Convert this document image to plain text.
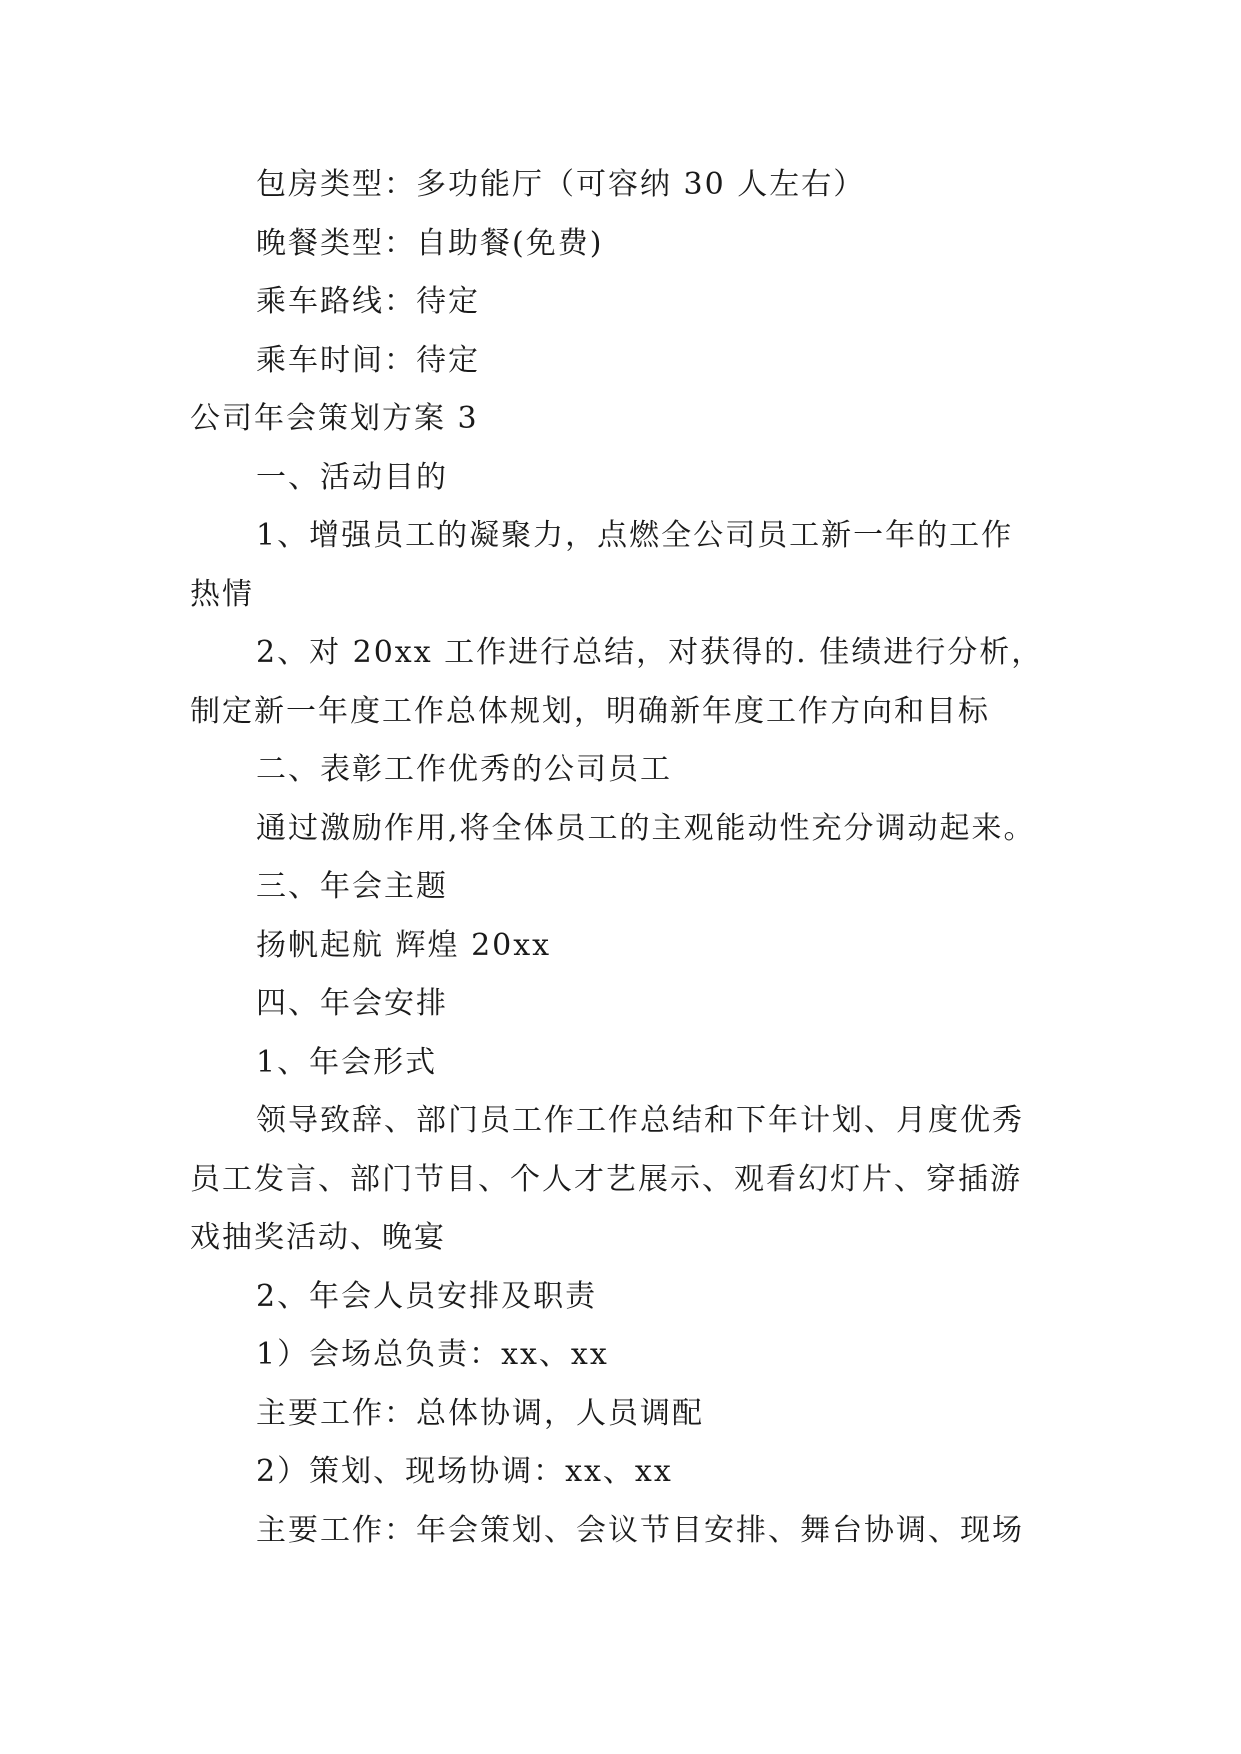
包房类型：多功能厅（可容纳 30 人左右）
晚餐类型：自助餐(免费)
乘车路线：待定
乘车时间：待定
公司年会策划方案 3
一、活动目的
1、增强员工的凝聚力，点燃全公司员工新一年的工作
热情
2、对 20xx 工作进行总结，对获得的. 佳绩进行分析，
制定新一年度工作总体规划，明确新年度工作方向和目标
二、表彰工作优秀的公司员工
通过激励作用,将全体员工的主观能动性充分调动起来。
三、年会主题
扬帆起航 辉煌 20xx
四、年会安排
1、年会形式
领导致辞、部门员工作工作总结和下年计划、月度优秀
员工发言、部门节目、个人才艺展示、观看幻灯片、穿插游
戏抽奖活动、晚宴
2、年会人员安排及职责
1）会场总负责：xx、xx
主要工作：总体协调，人员调配
2）策划、现场协调：xx、xx
主要工作：年会策划、会议节目安排、舞台协调、现场
